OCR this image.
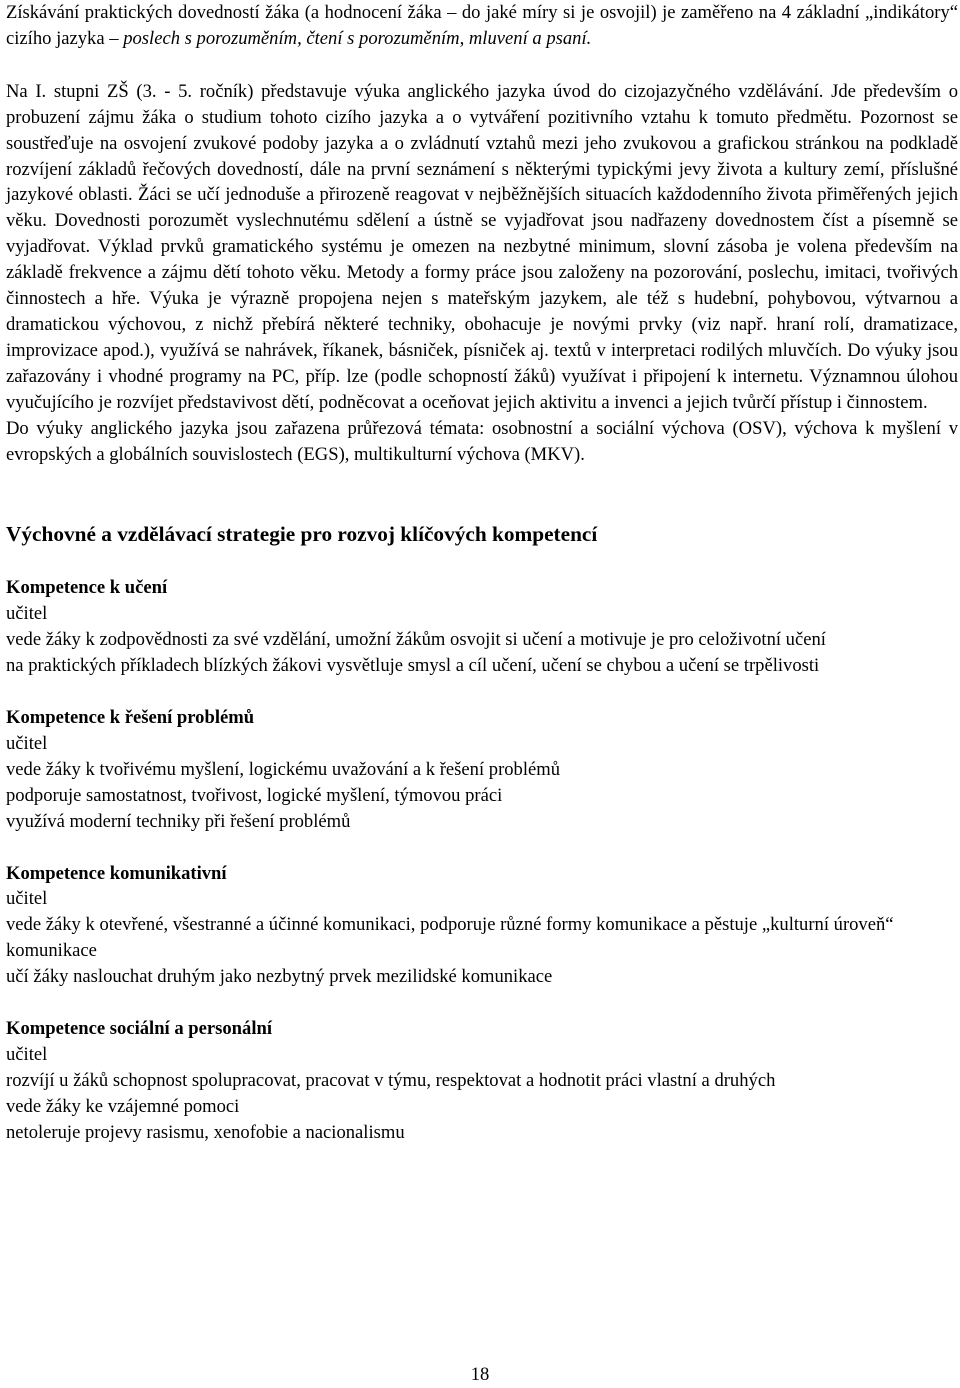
Získávání praktických dovedností žáka (a hodnocení žáka – do jaké míry si je osvojil) je zaměřeno na 4 základní „indikátory“ cizího jazyka – poslech s porozuměním, čtení s porozuměním, mluvení a psaní.

Na I. stupni ZŠ (3. - 5. ročník) představuje výuka anglického jazyka úvod do cizojazyčného vzdělávání. Jde především o probuzení zájmu žáka o studium tohoto cizího jazyka a o vytváření pozitivního vztahu k tomuto předmětu. Pozornost se soustřeďuje na osvojení zvukové podoby jazyka a o zvládnutí vztahů mezi jeho zvukovou a grafickou stránkou na podkladě rozvíjení základů řečových dovedností, dále na první seznámení s některými typickými jevy života a kultury zemí, příslušné jazykové oblasti. Žáci se učí jednoduše a přirozeně reagovat v nejběžnějších situacích každodenního života přiměřených jejich věku. Dovednosti porozumět vyslechnutému sdělení a ústně se vyjadřovat jsou nadřazeny dovednostem číst a písemně se vyjadřovat. Výklad prvků gramatického systému je omezen na nezbytné minimum, slovní zásoba je volena především na základě frekvence a zájmu dětí tohoto věku. Metody a formy práce jsou založeny na pozorování, poslechu, imitaci, tvořivých činnostech a hře. Výuka je výrazně propojena nejen s mateřským jazykem, ale též s hudební, pohybovou, výtvarnou a dramatickou výchovou, z nichž přebírá některé techniky, obohacuje je novými prvky (viz např. hraní rolí, dramatizace, improvizace apod.), využívá se nahrávek, říkanek, básniček, písniček aj. textů v interpretaci rodilých mluvčích. Do výuky jsou zařazovány i vhodné programy na PC, příp. lze (podle schopností žáků) využívat i připojení k internetu. Významnou úlohou vyučujícího je rozvíjet představivost dětí, podněcovat a oceňovat jejich aktivitu a invenci a jejich tvůrčí přístup i činnostem.

Do výuky anglického jazyka jsou zařazena průřezová témata: osobnostní a sociální výchova (OSV), výchova k myšlení v evropských a globálních souvislostech (EGS), multikulturní výchova (MKV).

Výchovné a vzdělávací strategie pro rozvoj klíčových kompetencí

Kompetence k učení

učitel

vede žáky k zodpovědnosti za své vzdělání, umožní žákům osvojit si učení a motivuje je pro celoživotní učení

na praktických příkladech blízkých žákovi vysvětluje smysl a cíl učení, učení se chybou a učení se trpělivosti

Kompetence k řešení problémů

učitel

vede žáky k tvořivému myšlení, logickému uvažování a k řešení problémů

podporuje samostatnost, tvořivost, logické myšlení, týmovou práci

využívá moderní techniky při řešení problémů

Kompetence komunikativní

učitel

vede žáky k otevřené, všestranné a účinné komunikaci, podporuje různé formy komunikace a pěstuje „kulturní úroveň“ komunikace

učí žáky naslouchat druhým jako nezbytný prvek mezilidské komunikace

Kompetence sociální a personální

učitel

rozvíjí u žáků schopnost spolupracovat, pracovat v týmu, respektovat a hodnotit práci vlastní a druhých

vede žáky ke vzájemné pomoci

netoleruje projevy rasismu, xenofobie a nacionalismu

18
